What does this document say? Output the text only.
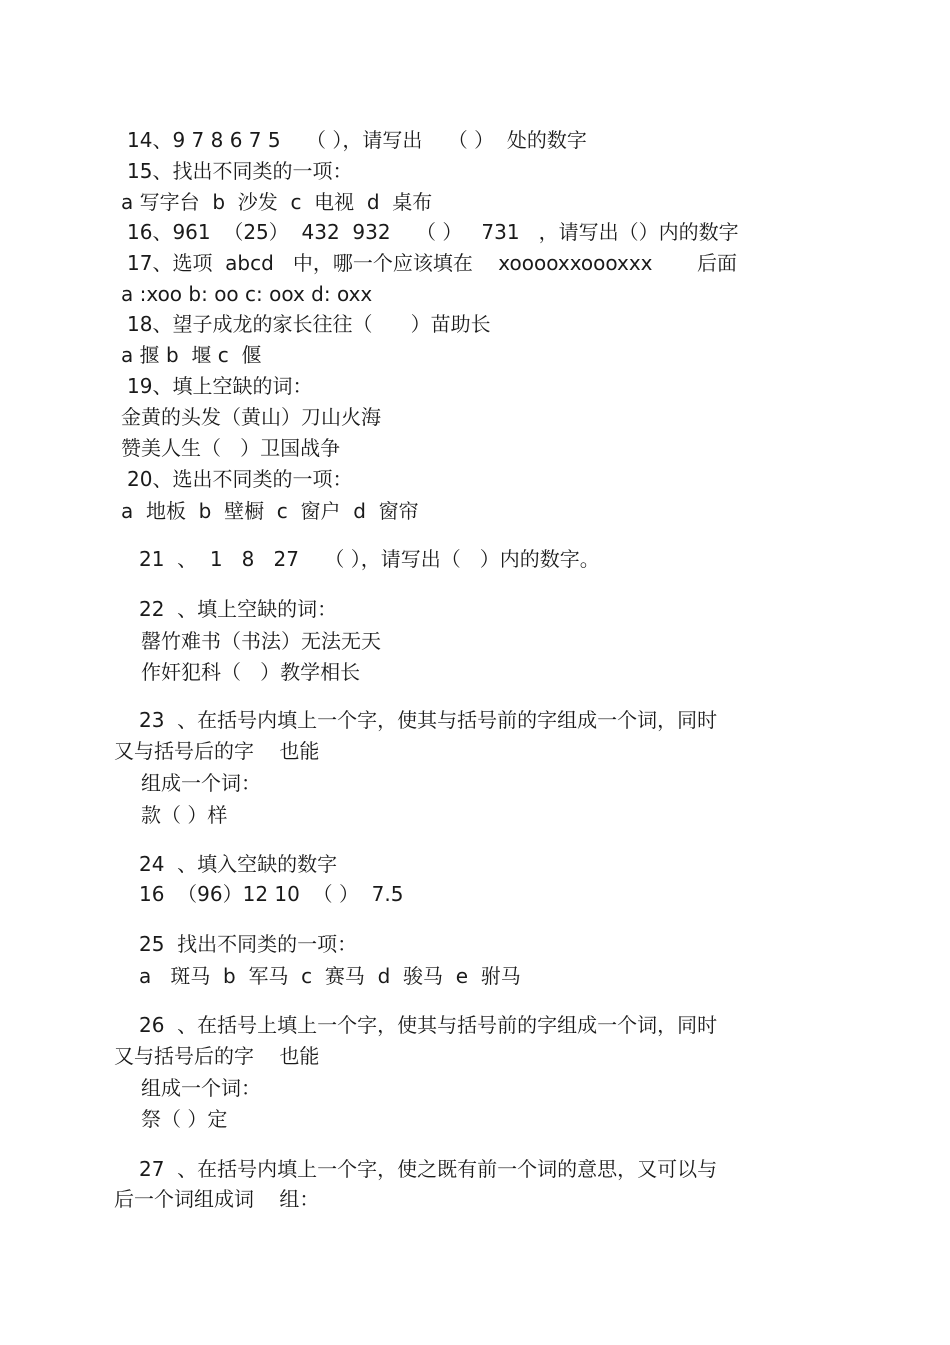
14、9 7 8 6 7 5    （ ），请写出    （ ）  处的数字
15、找出不同类的一项：
a 写字台  b  沙发  c  电视  d  桌布
16、961  （25）  432  932    （ ）   731   ，请写出（）内的数字
17、选项  abcd   中，哪一个应该填在    xooooxxoooxxx       后面
a :xoo b: oo c: oox d: oxx
18、望子成龙的家长往往（      ）苗助长
a 揠 b  堰 c  偃
19、填上空缺的词：
金黄的头发（黄山）刀山火海
赞美人生（   ）卫国战争
20、选出不同类的一项：
a  地板  b  壁橱  c  窗户  d  窗帘
21  、  1   8   27    （ ），请写出（   ）内的数字。
22  、填上空缺的词：
罄竹难书（书法）无法无天
作奸犯科（   ）教学相长
23  、在括号内填上一个字，使其与括号前的字组成一个词，同时
又与括号后的字    也能
组成一个词：
款（ ）样
24  、填入空缺的数字
16  （96）12 10  （ ）  7.5
25  找出不同类的一项：
a   斑马  b  军马  c  赛马  d  骏马  e  驸马
26  、在括号上填上一个字，使其与括号前的字组成一个词，同时
又与括号后的字    也能
组成一个词：
祭（ ）定
27  、在括号内填上一个字，使之既有前一个词的意思，又可以与
后一个词组成词    组：
